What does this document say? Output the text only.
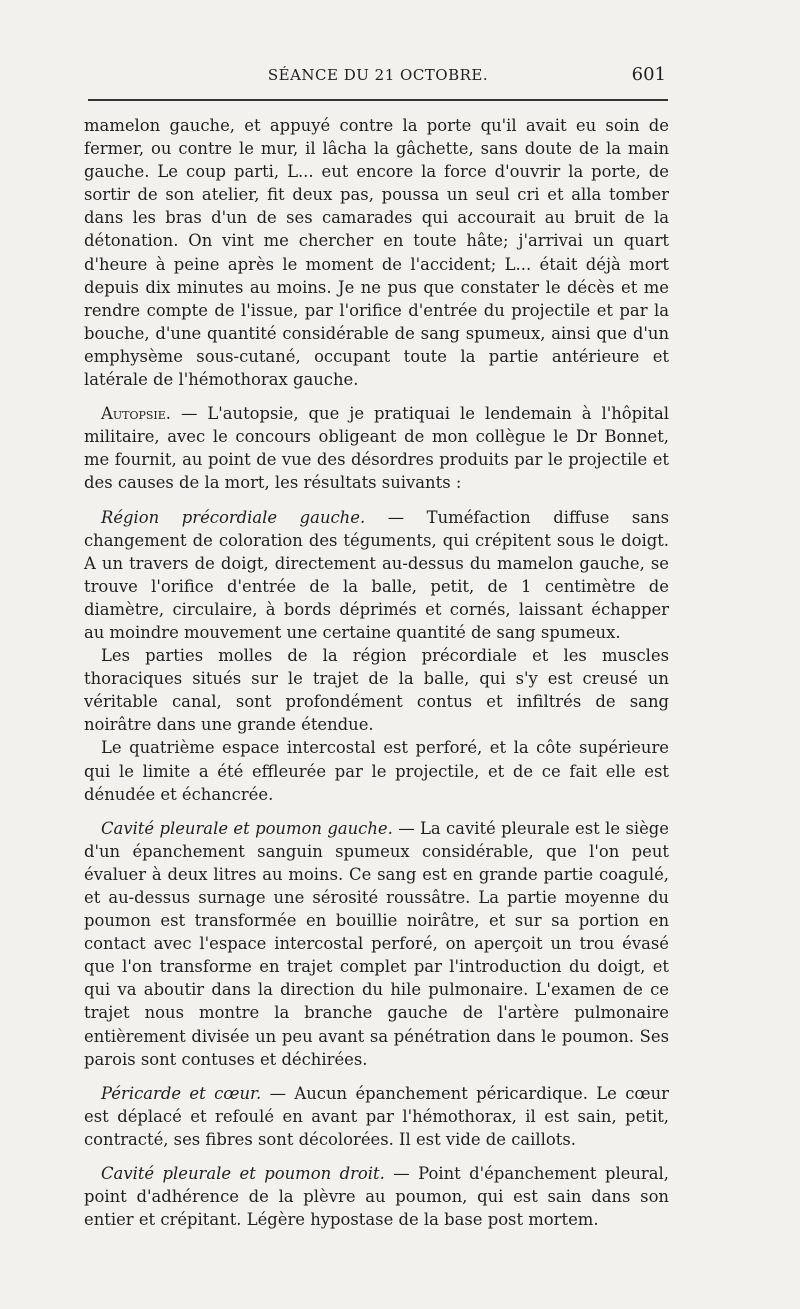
SÉANCE DU 21 OCTOBRE.	601

mamelon gauche, et appuyé contre la porte qu'il avait eu soin de fermer, ou contre le mur, il lâcha la gâchette, sans doute de la main gauche. Le coup parti, L... eut encore la force d'ouvrir la porte, de sortir de son atelier, fit deux pas, poussa un seul cri et alla tomber dans les bras d'un de ses camarades qui accourait au bruit de la détonation. On vint me chercher en toute hâte; j'arrivai un quart d'heure à peine après le moment de l'accident; L... était déjà mort depuis dix minutes au moins. Je ne pus que constater le décès et me rendre compte de l'issue, par l'orifice d'entrée du projectile et par la bouche, d'une quantité considérable de sang spumeux, ainsi que d'un emphysème sous-cutané, occupant toute la partie antérieure et latérale de l'hémothorax gauche.

Autopsie. — L'autopsie, que je pratiquai le lendemain à l'hôpital militaire, avec le concours obligeant de mon collègue le Dr Bonnet, me fournit, au point de vue des désordres produits par le projectile et des causes de la mort, les résultats suivants :

Région précordiale gauche. — Tuméfaction diffuse sans changement de coloration des téguments, qui crépitent sous le doigt. A un travers de doigt, directement au-dessus du mamelon gauche, se trouve l'orifice d'entrée de la balle, petit, de 1 centimètre de diamètre, circulaire, à bords déprimés et cornés, laissant échapper au moindre mouvement une certaine quantité de sang spumeux.

Les parties molles de la région précordiale et les muscles thoraciques situés sur le trajet de la balle, qui s'y est creusé un véritable canal, sont profondément contus et infiltrés de sang noirâtre dans une grande étendue.

Le quatrième espace intercostal est perforé, et la côte supérieure qui le limite a été effleurée par le projectile, et de ce fait elle est dénudée et échancrée.

Cavité pleurale et poumon gauche. — La cavité pleurale est le siège d'un épanchement sanguin spumeux considérable, que l'on peut évaluer à deux litres au moins. Ce sang est en grande partie coagulé, et au-dessus surnage une sérosité roussâtre. La partie moyenne du poumon est transformée en bouillie noirâtre, et sur sa portion en contact avec l'espace intercostal perforé, on aperçoit un trou évasé que l'on transforme en trajet complet par l'introduction du doigt, et qui va aboutir dans la direction du hile pulmonaire. L'examen de ce trajet nous montre la branche gauche de l'artère pulmonaire entièrement divisée un peu avant sa pénétration dans le poumon. Ses parois sont contuses et déchirées.

Péricarde et cœur. — Aucun épanchement péricardique. Le cœur est déplacé et refoulé en avant par l'hémothorax, il est sain, petit, contracté, ses fibres sont décolorées. Il est vide de caillots.

Cavité pleurale et poumon droit. — Point d'épanchement pleural, point d'adhérence de la plèvre au poumon, qui est sain dans son entier et crépitant. Légère hypostase de la base post mortem.
